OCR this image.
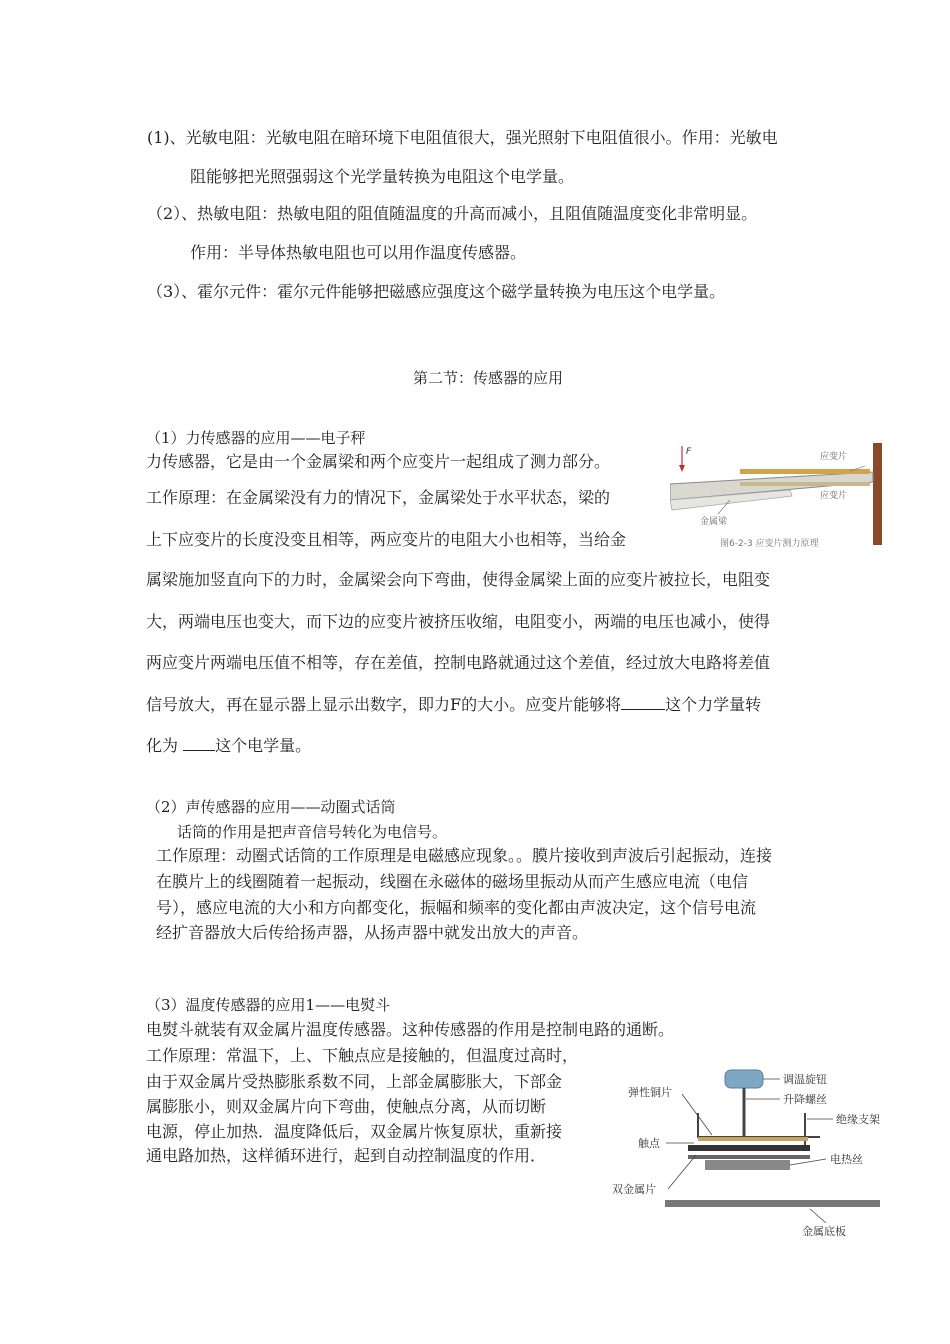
(1)、光敏电阻：光敏电阻在暗环境下电阻值很大，强光照射下电阻值很小。作用：光敏电
阻能够把光照强弱这个光学量转换为电阻这个电学量。
（2）、热敏电阻：热敏电阻的阻值随温度的升高而减小，且阻值随温度变化非常明显。
作用：半导体热敏电阻也可以用作温度传感器。
（3）、霍尔元件：霍尔元件能够把磁感应强度这个磁学量转换为电压这个电学量。
第二节：传感器的应用
（1）力传感器的应用——电子秤
力传感器，它是由一个金属梁和两个应变片一起组成了测力部分。
工作原理：在金属梁没有力的情况下，金属梁处于水平状态，梁的
上下应变片的长度没变且相等，两应变片的电阻大小也相等，当给金
属梁施加竖直向下的力时，金属梁会向下弯曲，使得金属梁上面的应变片被拉长，电阻变
大，两端电压也变大，而下边的应变片被挤压收缩，电阻变小，两端的电压也减小，使得
两应变片两端电压值不相等，存在差值，控制电路就通过这个差值，经过放大电路将差值
信号放大，再在显示器上显示出数字，即力F的大小。应变片能够将	这个力学量转
化为 这个电学量。
F	应变片
应变片
金属梁
图6-2-3 应变片测力原理
（2）声传感器的应用——动圈式话筒
话筒的作用是把声音信号转化为电信号。
工作原理：动圈式话筒的工作原理是电磁感应现象。。膜片接收到声波后引起振动，连接
在膜片上的线圈随着一起振动，线圈在永磁体的磁场里振动从而产生感应电流（电信
号），感应电流的大小和方向都变化，振幅和频率的变化都由声波决定，这个信号电流
经扩音器放大后传给扬声器，从扬声器中就发出放大的声音。
（3）温度传感器的应用1——电熨斗
电熨斗就装有双金属片温度传感器。这种传感器的作用是控制电路的通断。
工作原理：常温下，上、下触点应是接触的，但温度过高时，
由于双金属片受热膨胀系数不同，上部金属膨胀大，下部金
属膨胀小，则双金属片向下弯曲，使触点分离，从而切断
电源，停止加热．温度降低后，双金属片恢复原状，重新接
通电路加热，这样循环进行，起到自动控制温度的作用．
调温旋钮
升降螺丝
弹性铜片
绝缘支架
触点
双金属片
电热丝
金属底板
